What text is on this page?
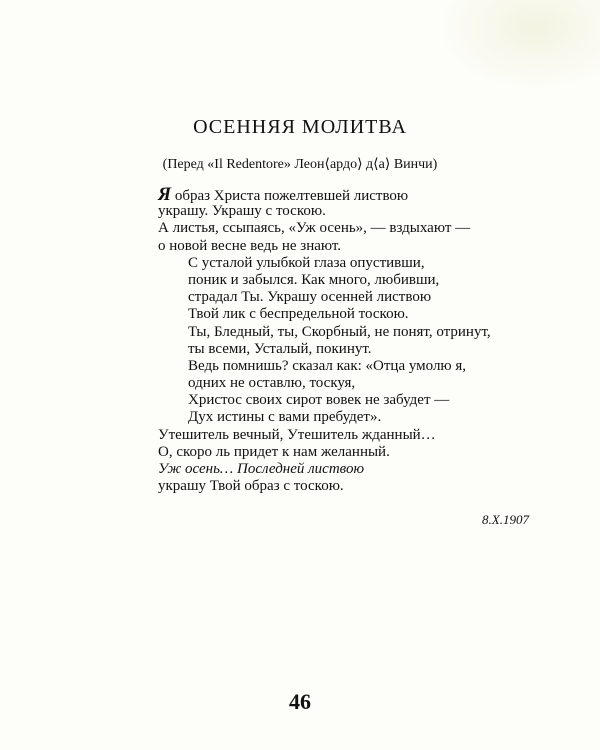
ОСЕННЯЯ МОЛИТВА
(Перед «Il Redentore» Леон⟨ардо⟩ д⟨а⟩ Винчи)
Я образ Христа пожелтевшей листвою
украшу. Украшу с тоскою.
А листья, ссыпаясь, «Уж осень», — вздыхают —
о новой весне ведь не знают.
С усталой улыбкой глаза опустивши,
поник и забылся. Как много, любивши,
страдал Ты. Украшу осенней листвою
Твой лик с беспредельной тоскою.
Ты, Бледный, ты, Скорбный, не понят, отринут,
ты всеми, Усталый, покинут.
Ведь помнишь? сказал как: «Отца умолю я,
одних не оставлю, тоскуя,
Христос своих сирот вовек не забудет —
Дух истины с вами пребудет».
Утешитель вечный, Утешитель жданный…
О, скоро ль придет к нам желанный.
Уж осень… Последней листвою
украшу Твой образ с тоскою.
8.X.1907
46
